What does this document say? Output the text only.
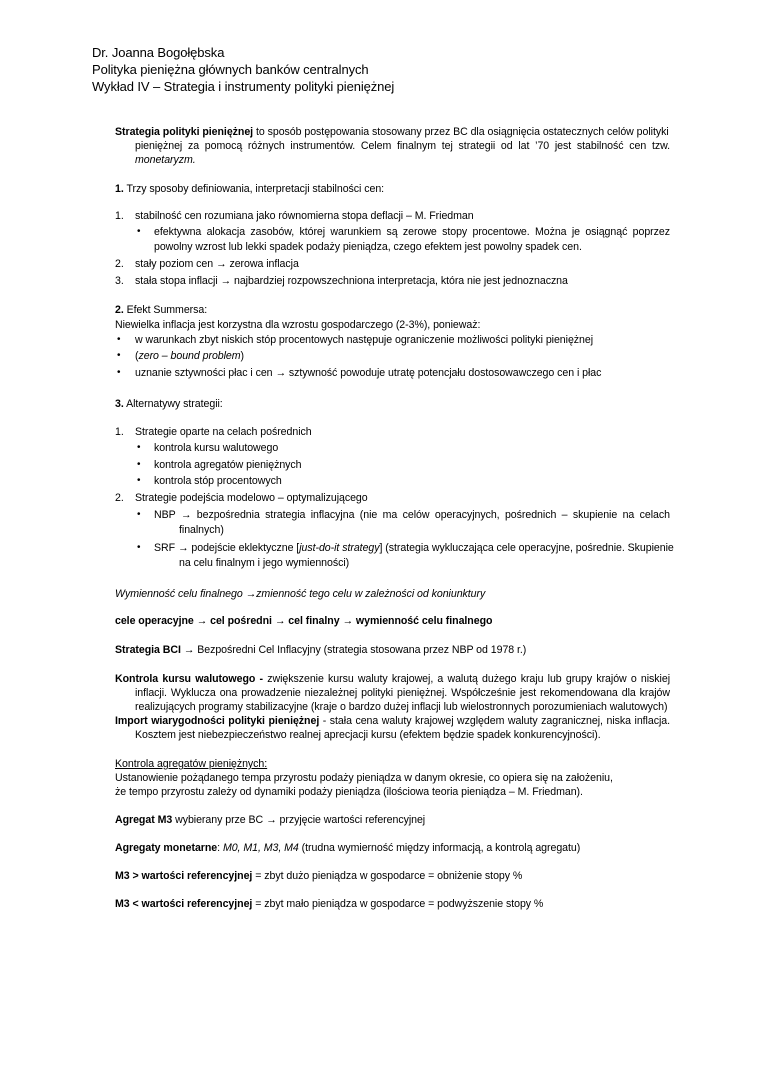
Dr. Joanna Bogołębska
Polityka pieniężna głównych banków centralnych
Wykład IV – Strategia i instrumenty polityki pieniężnej
Strategia polityki pieniężnej to sposób postępowania stosowany przez BC dla osiągnięcia ostatecznych celów polityki
pieniężnej za pomocą różnych instrumentów. Celem finalnym tej strategii od lat ’70 jest stabilność cen tzw.
monetaryzm.
1. Trzy sposoby definiowania, interpretacji stabilności cen:
1. stabilność cen rozumiana jako równomierna stopa deflacji – M. Friedman
• efektywna alokacja zasobów, której warunkiem są zerowe stopy procentowe. Można je osiągnąć poprzez
powolny wzrost lub lekki spadek podaży pieniądza, czego efektem jest powolny spadek cen.
2. stały poziom cen → zerowa inflacja
3. stała stopa inflacji → najbardziej rozpowszechniona interpretacja, która nie jest jednoznaczna
2. Efekt Summersa:
Niewielka inflacja jest korzystna dla wzrostu gospodarczego (2-3%), ponieważ:
• w warunkach zbyt niskich stóp procentowych następuje ograniczenie możliwości polityki pieniężnej
• (zero – bound problem)
• uznanie sztywności płac i cen → sztywność powoduje utratę potencjału dostosowawczego cen i płac
3. Alternatywy strategii:
1. Strategie oparte na celach pośrednich
• kontrola kursu walutowego
• kontrola agregatów pieniężnych
• kontrola stóp procentowych
2. Strategie podejścia modelowo – optymalizującego
• NBP → bezpośrednia strategia inflacyjna (nie ma celów operacyjnych, pośrednich – skupienie na celach
finalnych)
• SRF → podejście eklektyczne [just-do-it strategy] (strategia wykluczająca cele operacyjne, pośrednie. Skupienie
na celu finalnym i jego wymienności)
Wymienność celu finalnego →zmienność tego celu w zależności od koniunktury
cele operacyjne → cel pośredni → cel finalny → wymienność celu finalnego
Strategia BCI → Bezpośredni Cel Inflacyjny (strategia stosowana przez NBP od 1978 r.)
Kontrola kursu walutowego - zwiększenie kursu waluty krajowej, a walutą dużego kraju lub grupy krajów o niskiej
inflacji. Wyklucza ona prowadzenie niezależnej polityki pieniężnej. Współcześnie jest rekomendowana dla krajów
realizujących programy stabilizacyjne (kraje o bardzo dużej inflacji lub wielostronnych porozumieniach walutowych)
Import wiarygodności polityki pieniężnej - stała cena waluty krajowej względem waluty zagranicznej, niska inflacja.
Kosztem jest niebezpieczeństwo realnej aprecjacji kursu (efektem będzie spadek konkurencyjności).
Kontrola agregatów pieniężnych:
Ustanowienie pożądanego tempa przyrostu podaży pieniądza w danym okresie, co opiera się na założeniu,
że tempo przyrostu zależy od dynamiki podaży pieniądza (ilościowa teoria pieniądza – M. Friedman).
Agregat M3 wybierany prze BC → przyjęcie wartości referencyjnej
Agregaty monetarne: M0, M1, M3, M4 (trudna wymierność między informacją, a kontrolą agregatu)
M3 > wartości referencyjnej = zbyt dużo pieniądza w gospodarce = obniżenie stopy %
M3 < wartości referencyjnej = zbyt mało pieniądza w gospodarce = podwyższenie stopy %
